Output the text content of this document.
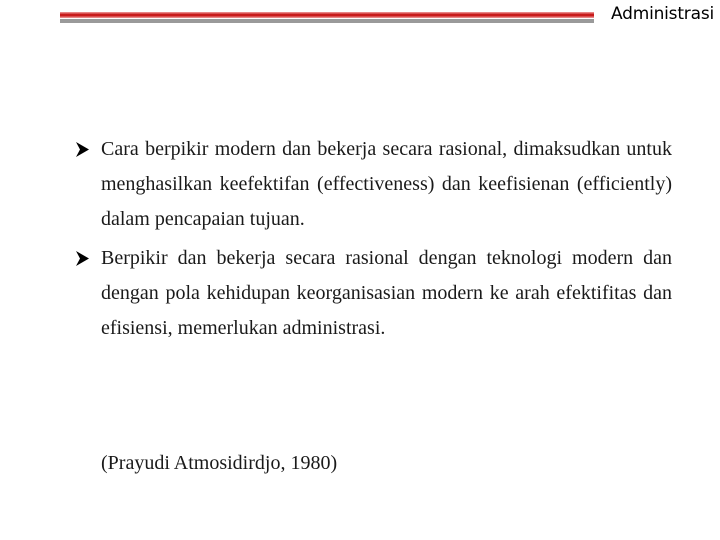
Administrasi
Cara berpikir modern dan bekerja secara rasional, dimaksudkan untuk menghasilkan keefektifan (effectiveness) dan keefisienan (efficiently) dalam pencapaian tujuan.
Berpikir dan bekerja secara rasional dengan teknologi modern dan dengan pola kehidupan keorganisasian modern ke arah efektifitas dan efisiensi, memerlukan administrasi.
(Prayudi Atmosidirdjo, 1980)
